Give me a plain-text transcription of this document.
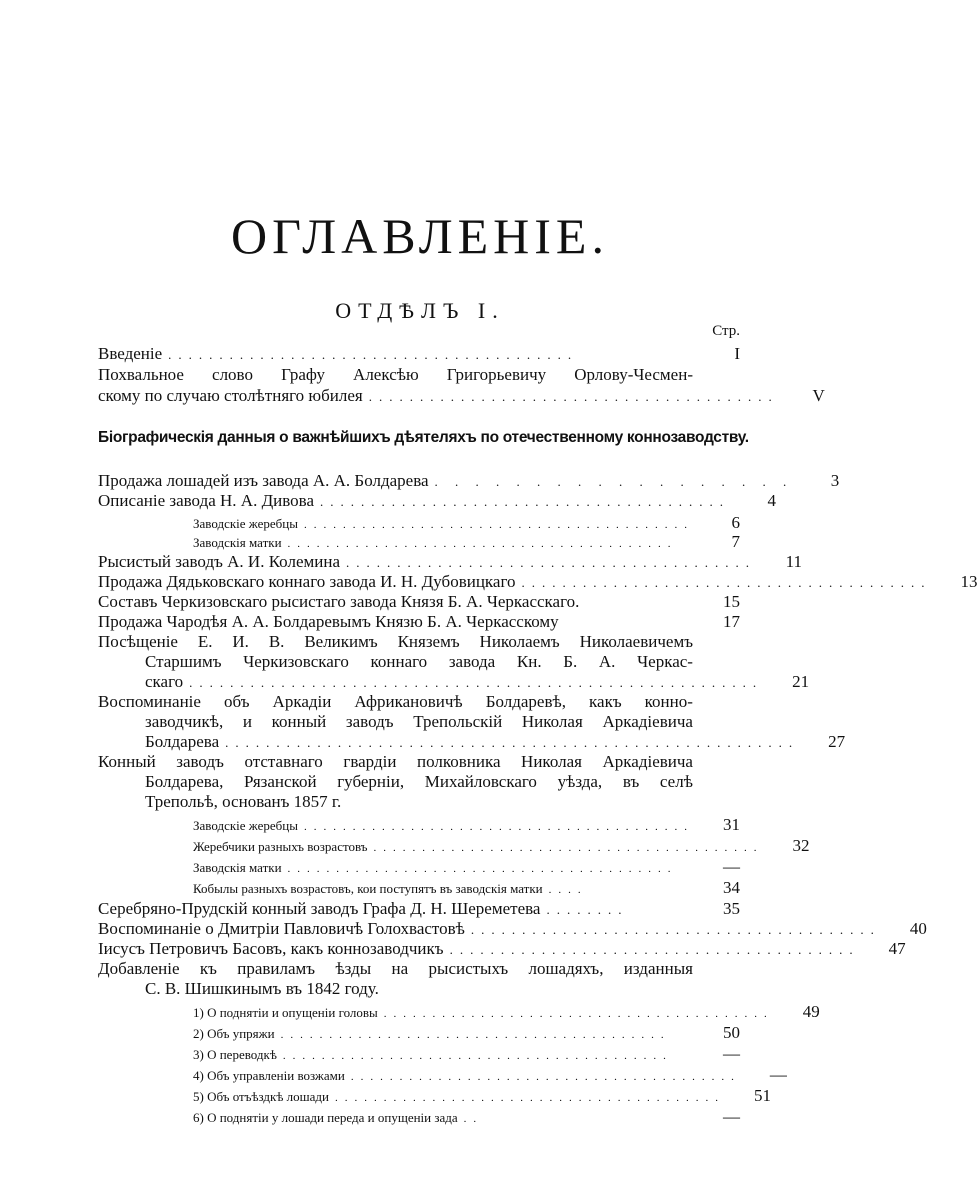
ОГЛАВЛЕНIЕ.
ОТДѢЛЪ I.
Стр.
Введенiе ........................................	I
Похвальное слово Графу Алексѣю Григорьевичу Орлову-Чесмен-
скому по случаю столѣтняго юбилея ........................................	V
Бiографическiя данныя о важнѣйшихъ дѣятеляхъ по отечественному коннозаводству.
Продажа лошадей изъ завода А. А. Болдарева . . . . . . . . . . . . . . . . . .	3
Описанiе завода Н. А. Дивова ........................................	4
Заводскiе жеребцы ........................................	6
Заводскiя матки ........................................	7
Рысистый заводъ А. И. Колемина ........................................	11
Продажа Дядьковскаго коннаго завода И. Н. Дубовицкаго ........................................	13
Составъ Черкизовскаго рысистаго завода Князя Б. А. Черкасскаго.	15
Продажа Чародѣя А. А. Болдаревымъ Князю Б. А. Черкасскому	17
Посѣщенiе Е. И. В. Великимъ Княземъ Николаемъ Николаевичемъ
Старшимъ Черкизовскаго коннаго завода Кн. Б. А. Черкас-
скаго ........................................................	21
Воспоминанiе объ Аркадiи Африкановичѣ Болдаревѣ, какъ конно-
заводчикѣ, и конный заводъ Трепольскiй Николая Аркадiевича
Болдарева ........................................................	27
Конный заводъ отставнаго гвардiи полковника Николая Аркадiевича
Болдарева, Рязанской губернiи, Михайловскаго уѣзда, въ селѣ
Трепольѣ, основанъ 1857 г.
Заводскiе жеребцы ........................................	31
Жеребчики разныхъ возрастовъ ........................................	32
Заводскiя матки ........................................	—
Кобылы разныхъ возрастовъ, кои поступятъ въ заводскiя матки ....	34
Серебряно-Прудскiй конный заводъ Графа Д. Н. Шереметева ........	35
Воспоминанiе о Дмитрiи Павловичѣ Голохвастовѣ ........................................	40
Iисусъ Петровичъ Басовъ, какъ коннозаводчикъ ........................................	47
Добавленiе къ правиламъ ѣзды на рысистыхъ лошадяхъ, изданныя
С. В. Шишкинымъ въ 1842 году.
1) О поднятiи и опущенiи головы ........................................	49
2) Объ упряжи ........................................	50
3) О переводкѣ ........................................	—
4) Объ управленiи возжами ........................................	—
5) Объ отъѣздкѣ лошади ........................................	51
6) О поднятiи у лошади переда и опущенiи зада ..	—
